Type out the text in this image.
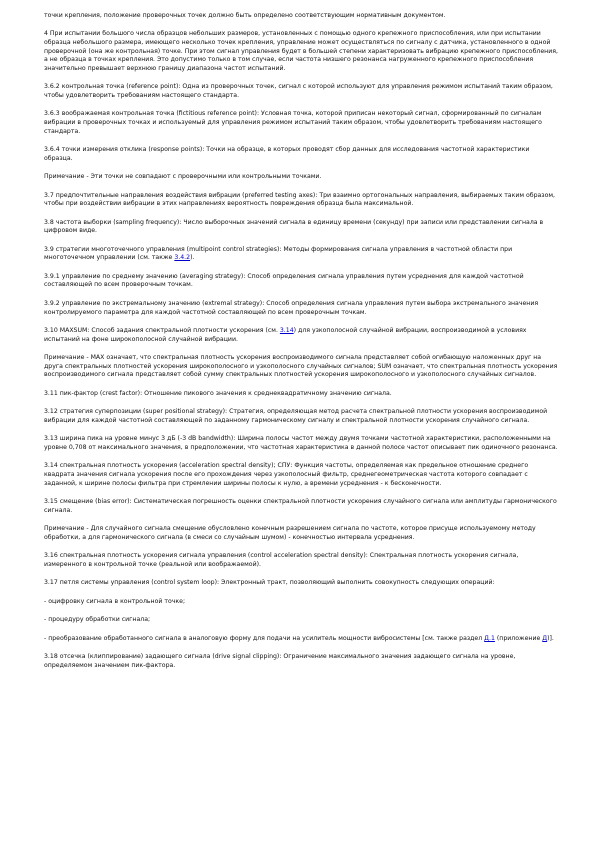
точки крепления, положение проверочных точек должно быть определено соответствующим нормативным документом.

4 При испытании большого числа образцов небольших размеров, установленных с помощью одного крепежного приспособления, или при испытании образца небольшого размера, имеющего несколько точек крепления, управление может осуществляться по сигналу с датчика, установленного в одной проверочной (она же контрольная) точке. При этом сигнал управления будет в большей степени характеризовать вибрацию крепежного приспособления, а не образца в точках крепления. Это допустимо только в том случае, если частота низшего резонанса нагруженного крепежного приспособления значительно превышает верхнюю границу диапазона частот испытаний.

3.6.2 контрольная точка (reference point): Одна из проверочных точек, сигнал с которой используют для управления режимом испытаний таким образом, чтобы удовлетворить требованиям настоящего стандарта.

3.6.3 воображаемая контрольная точка (fictitious reference point): Условная точка, которой приписан некоторый сигнал, сформированный по сигналам вибрации в проверочных точках и используемый для управления режимом испытаний таким образом, чтобы удовлетворить требованиям настоящего стандарта.

3.6.4 точки измерения отклика (response points): Точки на образце, в которых проводят сбор данных для исследования частотной характеристики образца.

Примечание - Эти точки не совпадают с проверочными или контрольными точками.

3.7 предпочтительные направления воздействия вибрации (preferred testing axes): Три взаимно ортогональных направления, выбираемых таким образом, чтобы при воздействии вибрации в этих направлениях вероятность повреждения образца была максимальной.

3.8 частота выборки (sampling frequency): Число выборочных значений сигнала в единицу времени (секунду) при записи или представлении сигнала в цифровом виде.

3.9 стратегии многоточечного управления (multipoint control strategies): Методы формирования сигнала управления в частотной области при многоточечном управлении (см. также 3.4.2).

3.9.1 управление по среднему значению (averaging strategy): Способ определения сигнала управления путем усреднения для каждой частотной составляющей по всем проверочным точкам.

3.9.2 управление по экстремальному значению (extremal strategy): Способ определения сигнала управления путем выбора экстремального значения контролируемого параметра для каждой частотной составляющей по всем проверочным точкам.

3.10 MAXSUM: Способ задания спектральной плотности ускорения (см. 3.14) для узкополосной случайной вибрации, воспроизводимой в условиях испытаний на фоне широкополосной случайной вибрации.

Примечание - MAX означает, что спектральная плотность ускорения воспроизводимого сигнала представляет собой огибающую наложенных друг на друга спектральных плотностей ускорения широкополосного и узкополосного случайных сигналов; SUM означает, что спектральная плотность ускорения воспроизводимого сигнала представляет собой сумму спектральных плотностей ускорения широкополосного и узкополосного случайных сигналов.

3.11 пик-фактор (crest factor): Отношение пикового значения к среднеквадратичному значению сигнала.

3.12 стратегия суперпозиции (super positional strategy): Стратегия, определяющая метод расчета спектральной плотности ускорения воспроизводимой вибрации для каждой частотной составляющей по заданному гармоническому сигналу и спектральной плотности ускорения случайного сигнала.

3.13 ширина пика на уровне минус 3 дБ (-3 dB bandwidth): Ширина полосы частот между двумя точками частотной характеристики, расположенными на уровне 0,708 от максимального значения, в предположении, что частотная характеристика в данной полосе частот описывает пик одиночного резонанса.

3.14 спектральная плотность ускорения (acceleration spectral density); СПУ: Функция частоты, определяемая как предельное отношение среднего квадрата значения сигнала ускорения после его прохождения через узкополосный фильтр, среднегеометрическая частота которого совпадает с заданной, к ширине полосы фильтра при стремлении ширины полосы к нулю, а времени усреднения - к бесконечности.

3.15 смещение (bias error): Систематическая погрешность оценки спектральной плотности ускорения случайного сигнала или амплитуды гармонического сигнала.

Примечание - Для случайного сигнала смещение обусловлено конечным разрешением сигнала по частоте, которое присуще используемому методу обработки, а для гармонического сигнала (в смеси со случайным шумом) - конечностью интервала усреднения.

3.16 спектральная плотность ускорения сигнала управления (control acceleration spectral density): Спектральная плотность ускорения сигнала, измеренного в контрольной точке (реальной или воображаемой).

3.17 петля системы управления (control system loop): Электронный тракт, позволяющий выполнить совокупность следующих операций:

- оцифровку сигнала в контрольной точке;

- процедуру обработки сигнала;

- преобразование обработанного сигнала в аналоговую форму для подачи на усилитель мощности вибросистемы [см. также раздел Д.1 (приложение Д)].

3.18 отсечка (клиппирование) задающего сигнала (drive signal clipping): Ограничение максимального значения задающего сигнала на уровне, определяемом значением пик-фактора.
